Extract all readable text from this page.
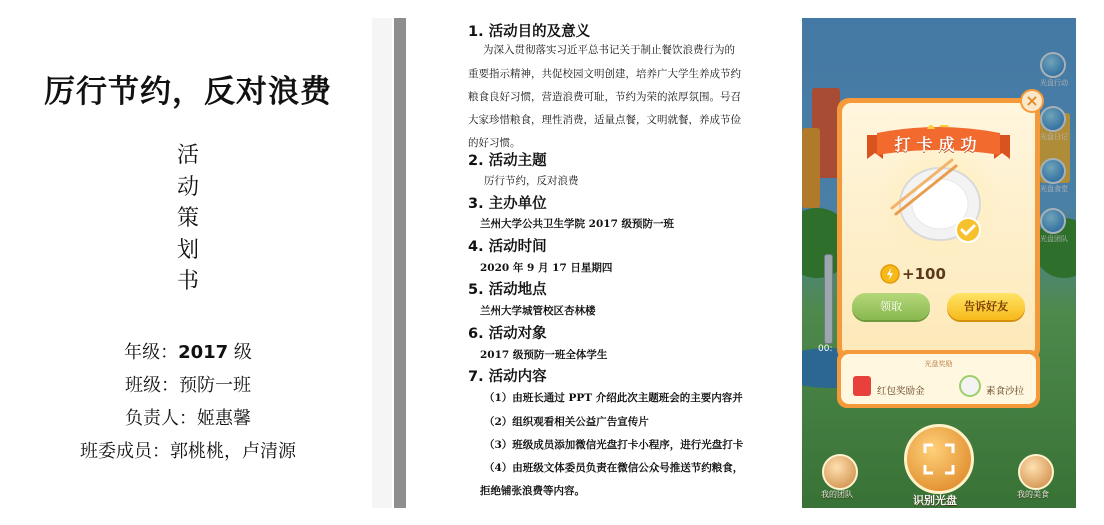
厉行节约，反对浪费
活
动
策
划
书
年级：2017 级
班级：预防一班
负责人：姬惠馨
班委成员：郭桃桃，卢清源
1. 活动目的及意义
为深入贯彻落实习近平总书记关于制止餐饮浪费行为的
重要指示精神，共促校园文明创建，培养广大学生养成节约
粮食良好习惯，营造浪费可耻，节约为荣的浓厚氛围。号召
大家珍惜粮食，理性消费，适量点餐，文明就餐，养成节俭
的好习惯。
2. 活动主题
厉行节约，反对浪费
3. 主办单位
兰州大学公共卫生学院 2017 级预防一班
4. 活动时间
2020 年 9 月 17 日星期四
5. 活动地点
兰州大学城管校区杏林楼
6. 活动对象
2017 级预防一班全体学生
7. 活动内容
（1）由班长通过 PPT 介绍此次主题班会的主要内容并
（2）组织观看相关公益广告宣传片
（3）班级成员添加微信光盘打卡小程序，进行光盘打卡
（4）由班级文体委员负责在微信公众号推送节约粮食，
拒绝铺张浪费等内容。
光盘行动
光盘日记
光盘食堂
光盘团队
00:
打卡成功
×
+100
领取	告诉好友
光盘奖励
红包奖励金	素食沙拉
我的团队	识别光盘	我的美食
